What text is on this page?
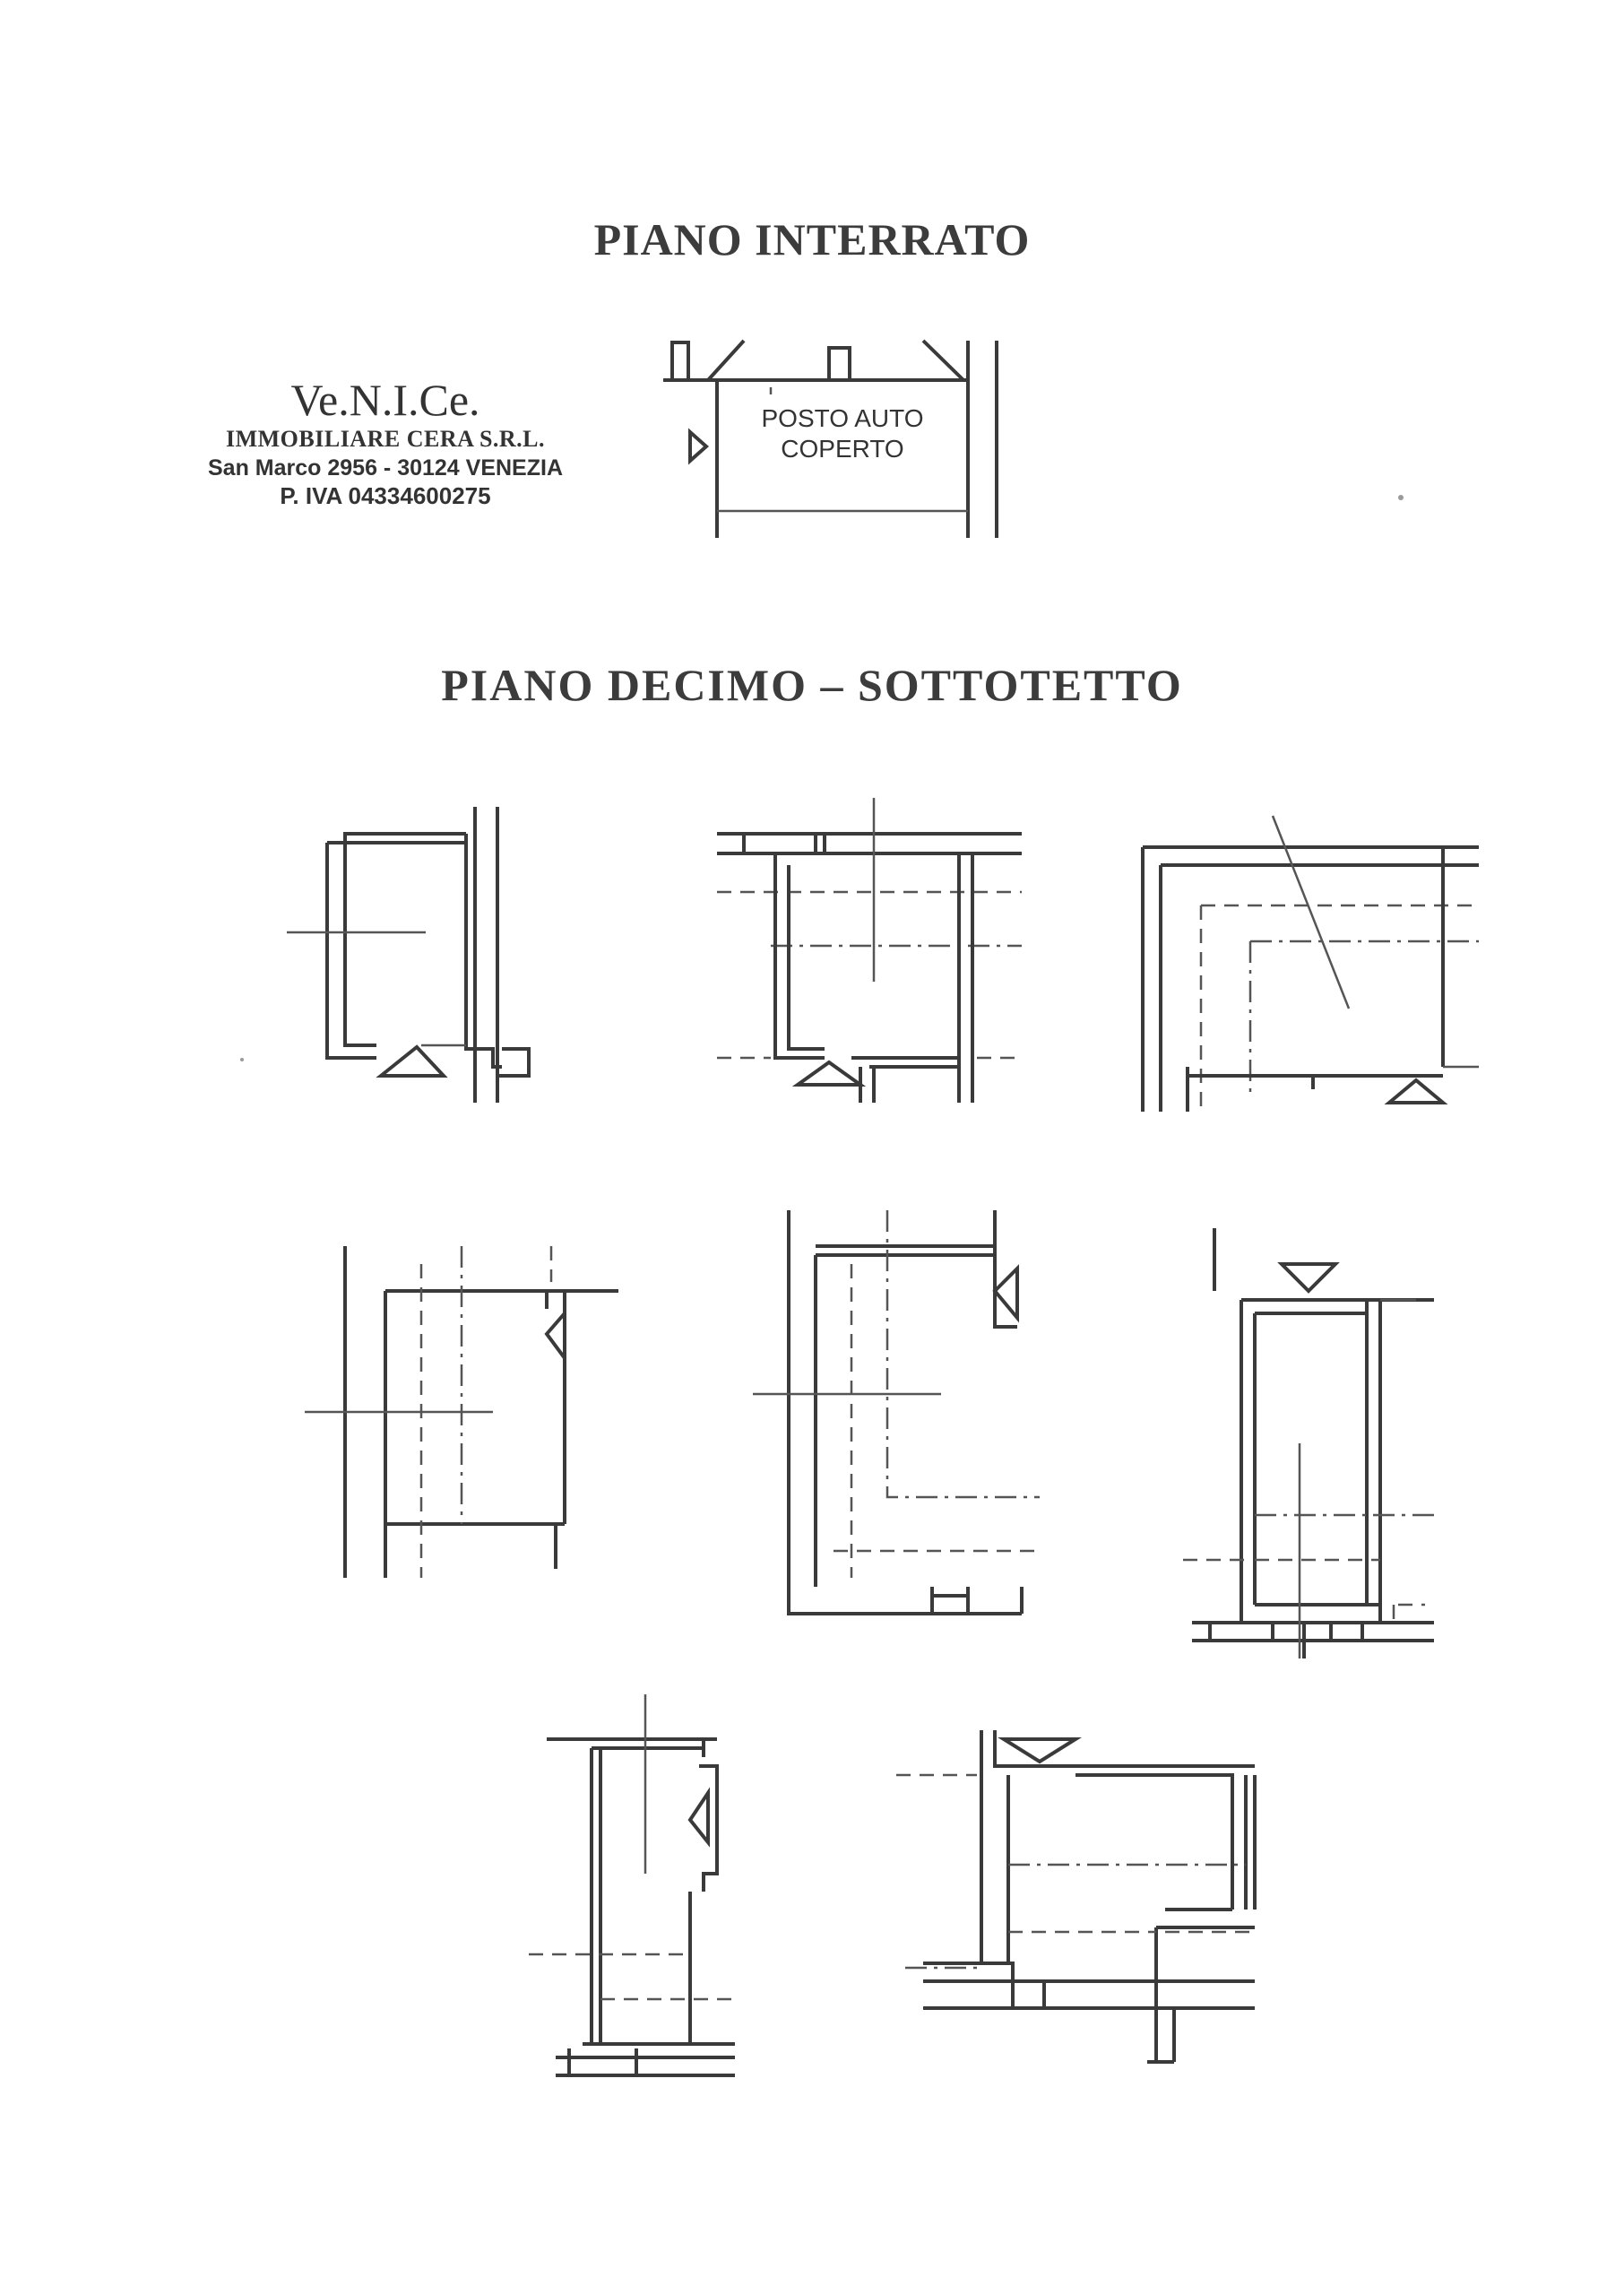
PIANO INTERRATO
Ve.N.I.Ce.
IMMOBILIARE CERA S.R.L.
San Marco 2956 - 30124 VENEZIA
P. IVA 04334600275
POSTO AUTO
COPERTO
PIANO DECIMO – SOTTOTETTO
